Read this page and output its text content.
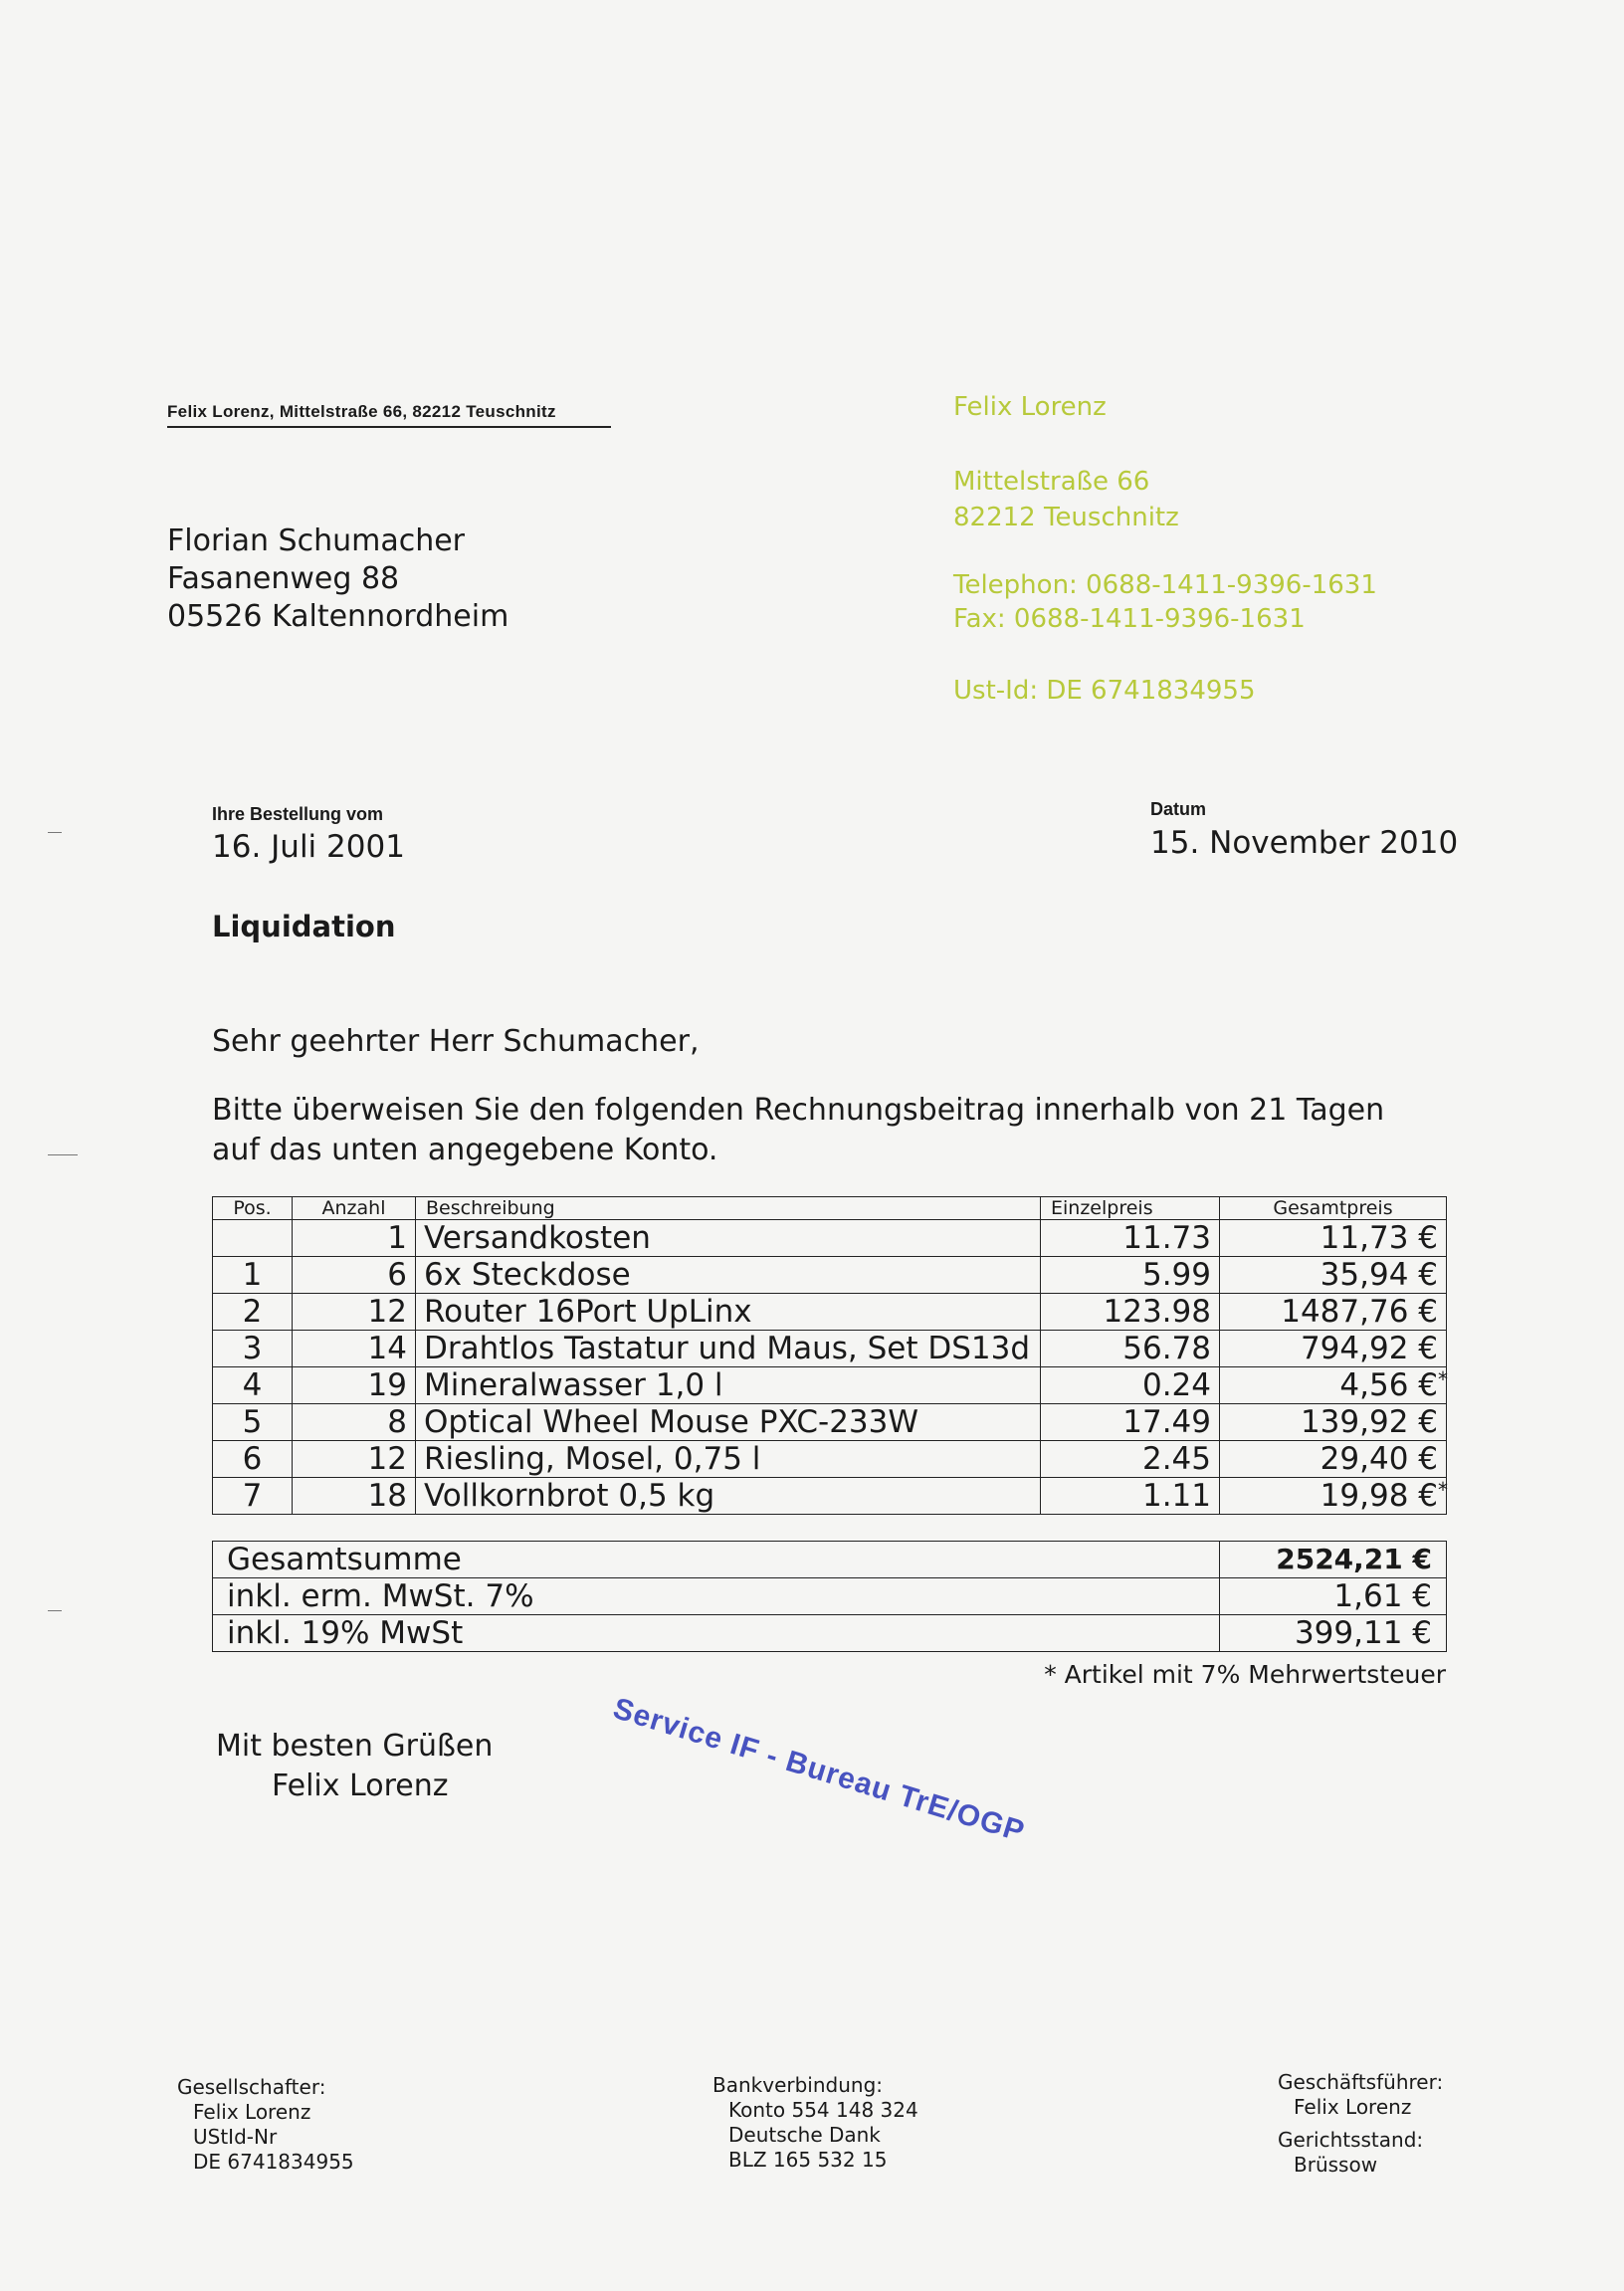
Felix Lorenz, Mittelstraße 66, 82212 Teuschnitz
Florian Schumacher
Fasanenweg 88
05526 Kaltennordheim
Felix Lorenz
Mittelstraße 66
82212 Teuschnitz
Telephon: 0688-1411-9396-1631
Fax: 0688-1411-9396-1631
Ust-Id: DE 6741834955
Ihre Bestellung vom
16. Juli 2001
Datum
15. November 2010
Liquidation
Sehr geehrter Herr Schumacher,
Bitte überweisen Sie den folgenden Rechnungsbeitrag innerhalb von 21 Tagen
auf das unten angegebene Konto.
Pos.	Anzahl	Beschreibung	Einzelpreis	Gesamtpreis
	1	Versandkosten	11.73	11,73 €
1	6	6x Steckdose	5.99	35,94 €
2	12	Router 16Port UpLinx	123.98	1487,76 €
3	14	Drahtlos Tastatur und Maus, Set DS13d	56.78	794,92 €
4	19	Mineralwasser 1,0 l	0.24	4,56 € *

5	8	Optical Wheel Mouse PXC-233W	17.49	139,92 €
6	12	Riesling, Mosel, 0,75 l	2.45	29,40 €
7	18	Vollkornbrot 0,5 kg	1.11	19,98 € *
Gesamtsumme	2524,21 €
inkl. erm. MwSt. 7%	1,61 €
inkl. 19% MwSt	399,11 €
* Artikel mit 7% Mehrwertsteuer
Mit besten Grüßen
Felix Lorenz	Service IF - Bureau TrE/OGP
Gesellschafter:
Felix Lorenz
UStId-Nr
DE 6741834955
Bankverbindung:
Konto 554 148 324
Deutsche Dank
BLZ 165 532 15
Geschäftsführer:
Felix Lorenz
Gerichtsstand:
Brüssow
